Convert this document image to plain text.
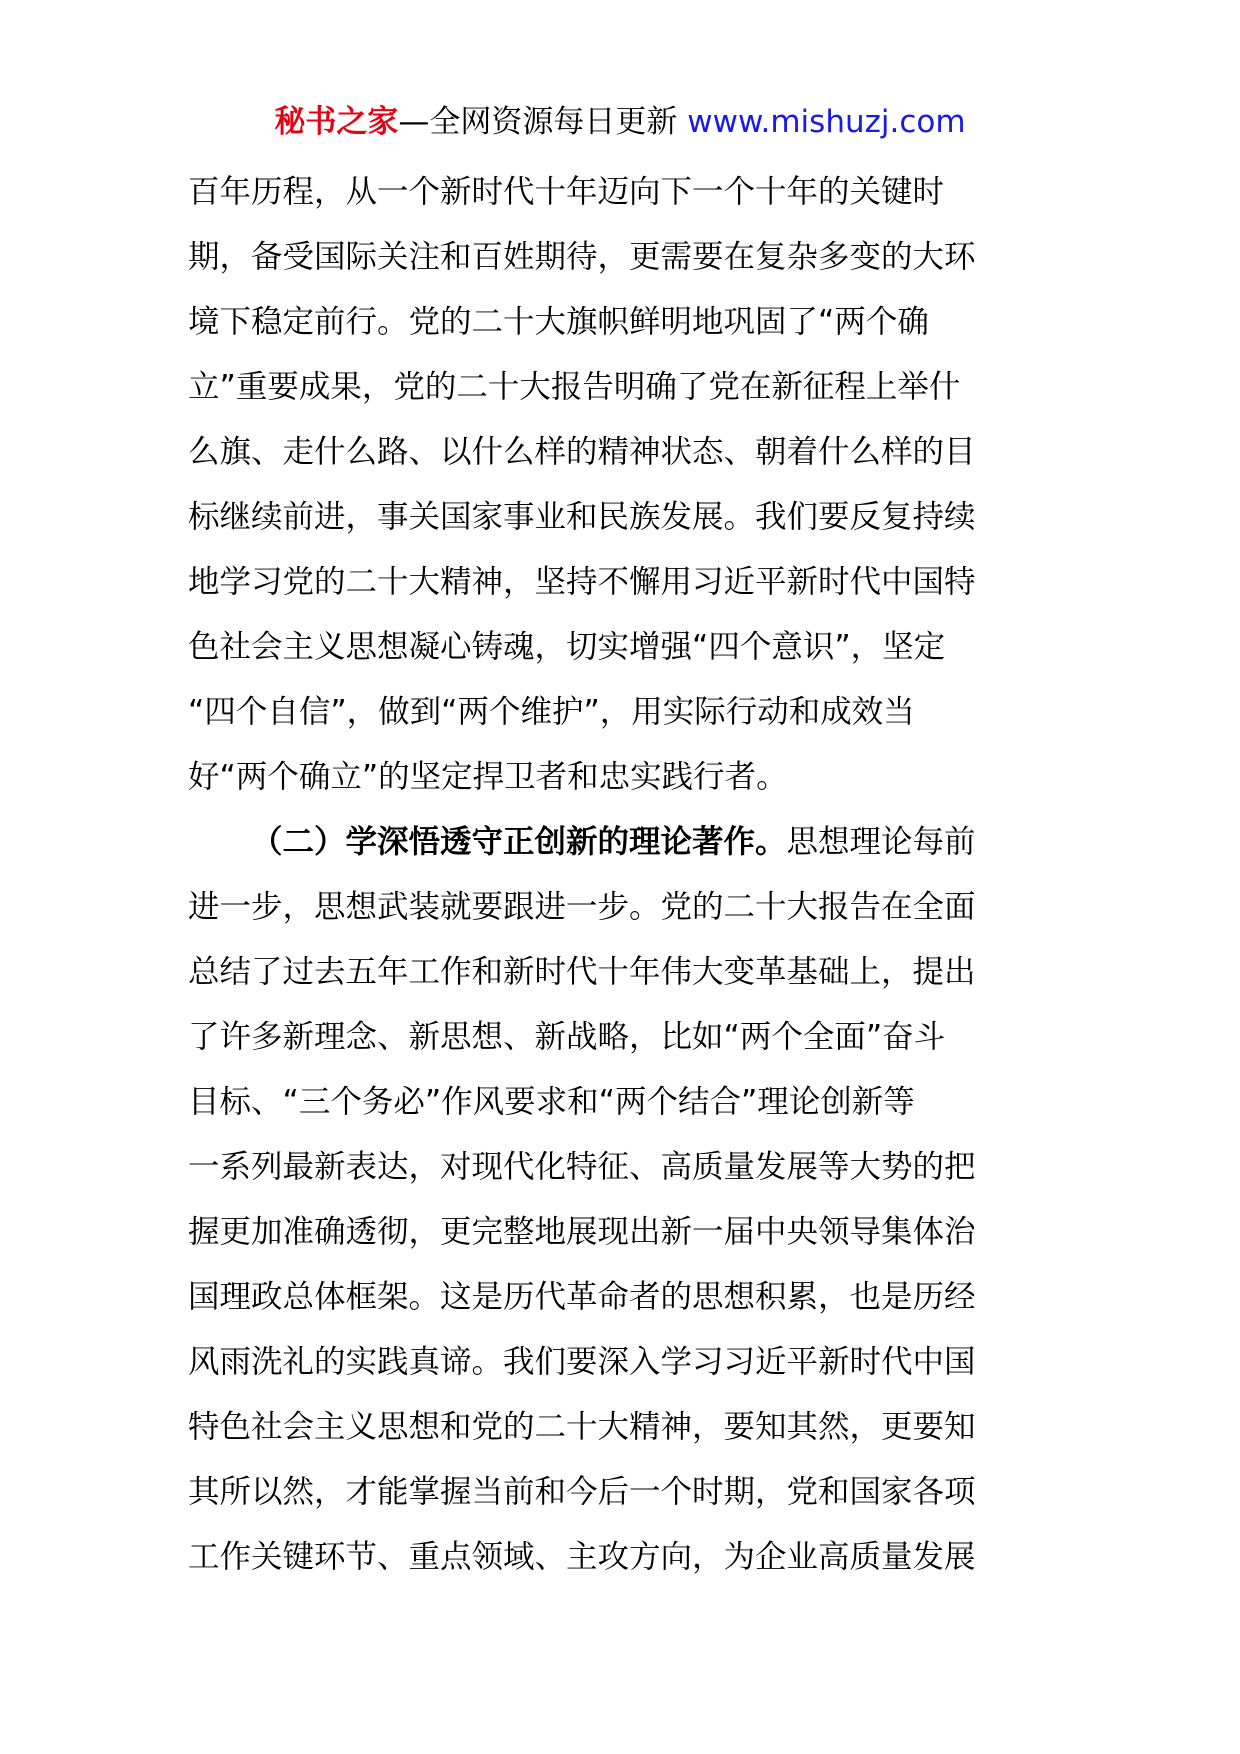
秘书之家—全网资源每日更新 www.mishuzj.com

百年历程，从一个新时代十年迈向下一个十年的关键时
期，备受国际关注和百姓期待，更需要在复杂多变的大环
境下稳定前行。党的二十大旗帜鲜明地巩固了“两个确
立”重要成果，党的二十大报告明确了党在新征程上举什
么旗、走什么路、以什么样的精神状态、朝着什么样的目
标继续前进，事关国家事业和民族发展。我们要反复持续
地学习党的二十大精神，坚持不懈用习近平新时代中国特
色社会主义思想凝心铸魂，切实增强“四个意识”，坚定
“四个自信”，做到“两个维护”，用实际行动和成效当
好“两个确立”的坚定捍卫者和忠实践行者。

（二）学深悟透守正创新的理论著作。思想理论每前
进一步，思想武装就要跟进一步。党的二十大报告在全面
总结了过去五年工作和新时代十年伟大变革基础上，提出
了许多新理念、新思想、新战略，比如“两个全面”奋斗
目标、“三个务必”作风要求和“两个结合”理论创新等
一系列最新表达，对现代化特征、高质量发展等大势的把
握更加准确透彻，更完整地展现出新一届中央领导集体治
国理政总体框架。这是历代革命者的思想积累，也是历经
风雨洗礼的实践真谛。我们要深入学习习近平新时代中国
特色社会主义思想和党的二十大精神，要知其然，更要知
其所以然，才能掌握当前和今后一个时期，党和国家各项
工作关键环节、重点领域、主攻方向，为企业高质量发展
